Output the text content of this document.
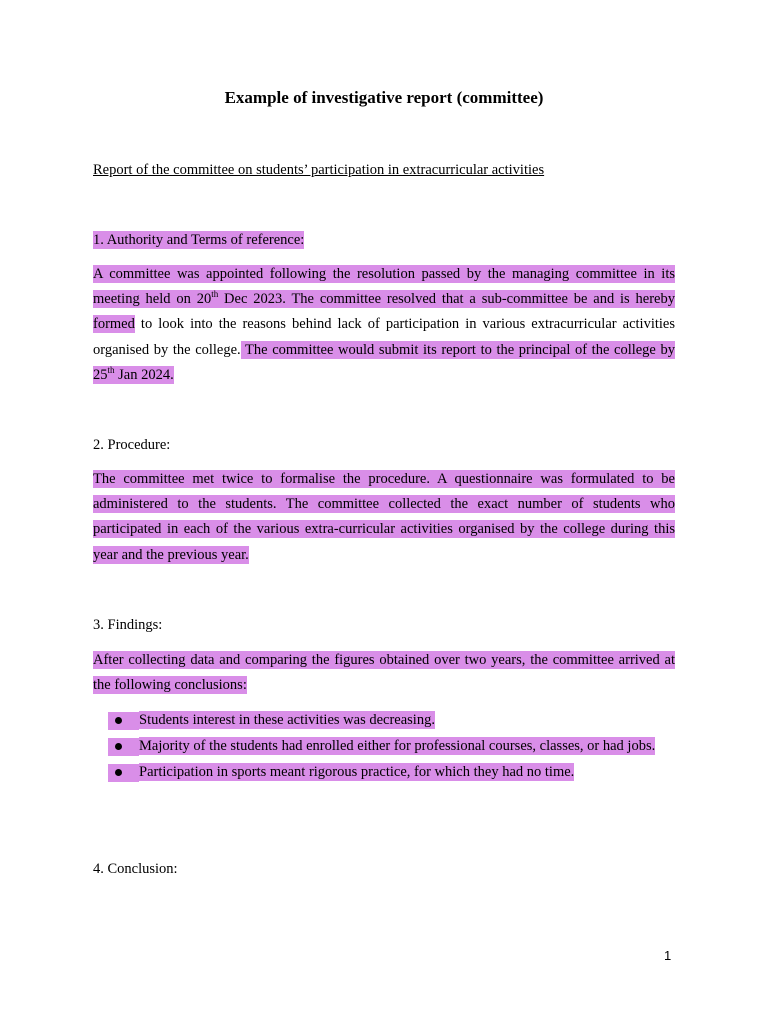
Example of investigative report (committee)
Report of the committee on students’ participation in extracurricular activities
1. Authority and Terms of reference:
A committee was appointed following the resolution passed by the managing committee in its meeting held on 20th Dec 2023. The committee resolved that a sub-committee be and is hereby formed to look into the reasons behind lack of participation in various extracurricular activities organised by the college. The committee would submit its report to the principal of the college by 25th Jan 2024.
2. Procedure:
The committee met twice to formalise the procedure. A questionnaire was formulated to be administered to the students. The committee collected the exact number of students who participated in each of the various extra-curricular activities organised by the college during this year and the previous year.
3. Findings:
After collecting data and comparing the figures obtained over two years, the committee arrived at the following conclusions:
Students interest in these activities was decreasing.
Majority of the students had enrolled either for professional courses, classes, or had jobs.
Participation in sports meant rigorous practice, for which they had no time.
4. Conclusion:
1
